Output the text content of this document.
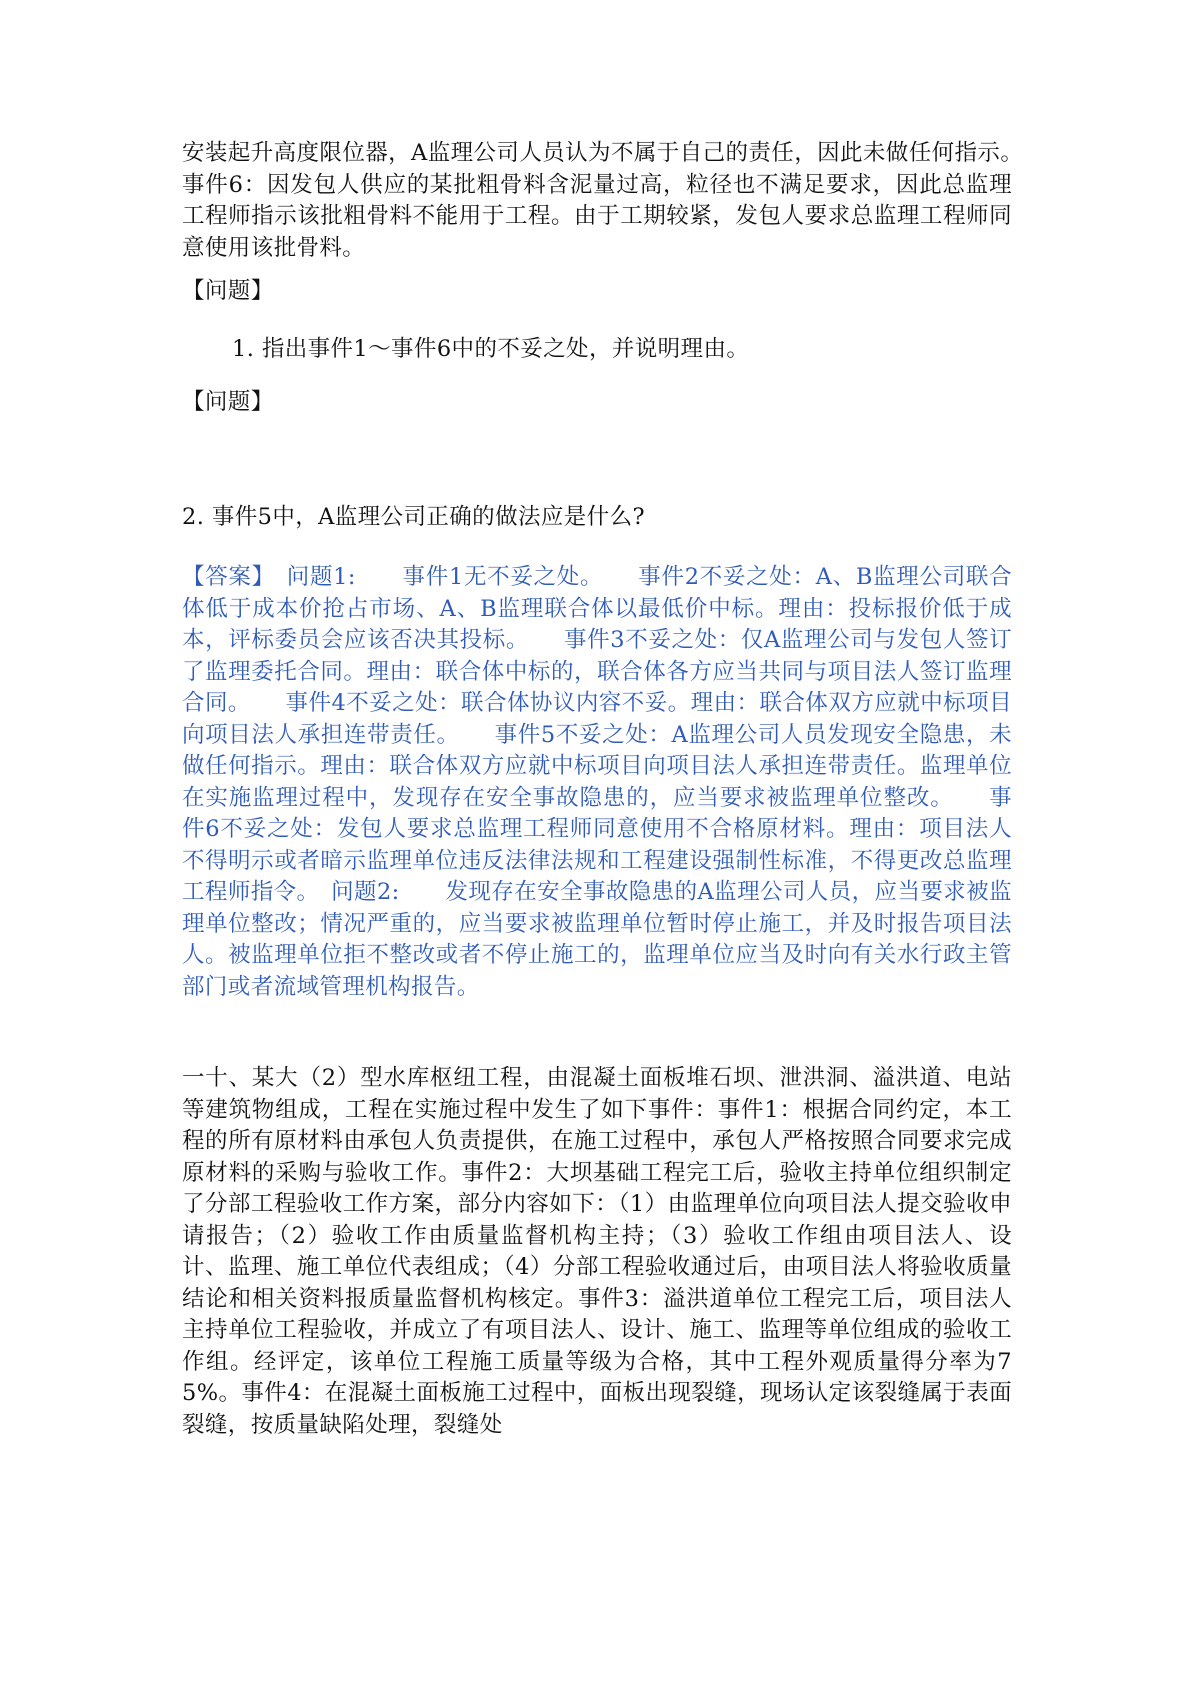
安装起升高度限位器，A监理公司人员认为不属于自己的责任，因此未做任何指示。　　事件6：因发包人供应的某批粗骨料含泥量过高，粒径也不满足要求，因此总监理工程师指示该批粗骨料不能用于工程。由于工期较紧，发包人要求总监理工程师同意使用该批骨料。
【问题】
1. 指出事件1～事件6中的不妥之处，并说明理由。
【问题】
2. 事件5中，A监理公司正确的做法应是什么?
【答案】　问题1:　　事件1无不妥之处。　　事件2不妥之处：A、B监理公司联合体低于成本价抢占市场、A、B监理联合体以最低价中标。理由：投标报价低于成本，评标委员会应该否决其投标。　　事件3不妥之处：仅A监理公司与发包人签订了监理委托合同。理由：联合体中标的，联合体各方应当共同与项目法人签订监理合同。　　事件4不妥之处：联合体协议内容不妥。理由：联合体双方应就中标项目向项目法人承担连带责任。　　事件5不妥之处：A监理公司人员发现安全隐患，未做任何指示。理由：联合体双方应就中标项目向项目法人承担连带责任。监理单位在实施监理过程中，发现存在安全事故隐患的，应当要求被监理单位整改。　　事件6不妥之处：发包人要求总监理工程师同意使用不合格原材料。理由：项目法人不得明示或者暗示监理单位违反法律法规和工程建设强制性标准，不得更改总监理工程师指令。　问题2:　　发现存在安全事故隐患的A监理公司人员，应当要求被监理单位整改；情况严重的，应当要求被监理单位暂时停止施工，并及时报告项目法人。被监理单位拒不整改或者不停止施工的，监理单位应当及时向有关水行政主管部门或者流域管理机构报告。
一十、某大（2）型水库枢纽工程，由混凝土面板堆石坝、泄洪洞、溢洪道、电站等建筑物组成，工程在实施过程中发生了如下事件：事件1：根据合同约定，本工程的所有原材料由承包人负责提供，在施工过程中，承包人严格按照合同要求完成原材料的采购与验收工作。事件2：大坝基础工程完工后，验收主持单位组织制定了分部工程验收工作方案，部分内容如下：（1）由监理单位向项目法人提交验收申请报告；（2）验收工作由质量监督机构主持；（3）验收工作组由项目法人、设计、监理、施工单位代表组成；（4）分部工程验收通过后，由项目法人将验收质量结论和相关资料报质量监督机构核定。事件3：溢洪道单位工程完工后，项目法人主持单位工程验收，并成立了有项目法人、设计、施工、监理等单位组成的验收工作组。经评定，该单位工程施工质量等级为合格，其中工程外观质量得分率为75%。事件4：在混凝土面板施工过程中，面板出现裂缝，现场认定该裂缝属于表面裂缝，按质量缺陷处理，裂缝处
